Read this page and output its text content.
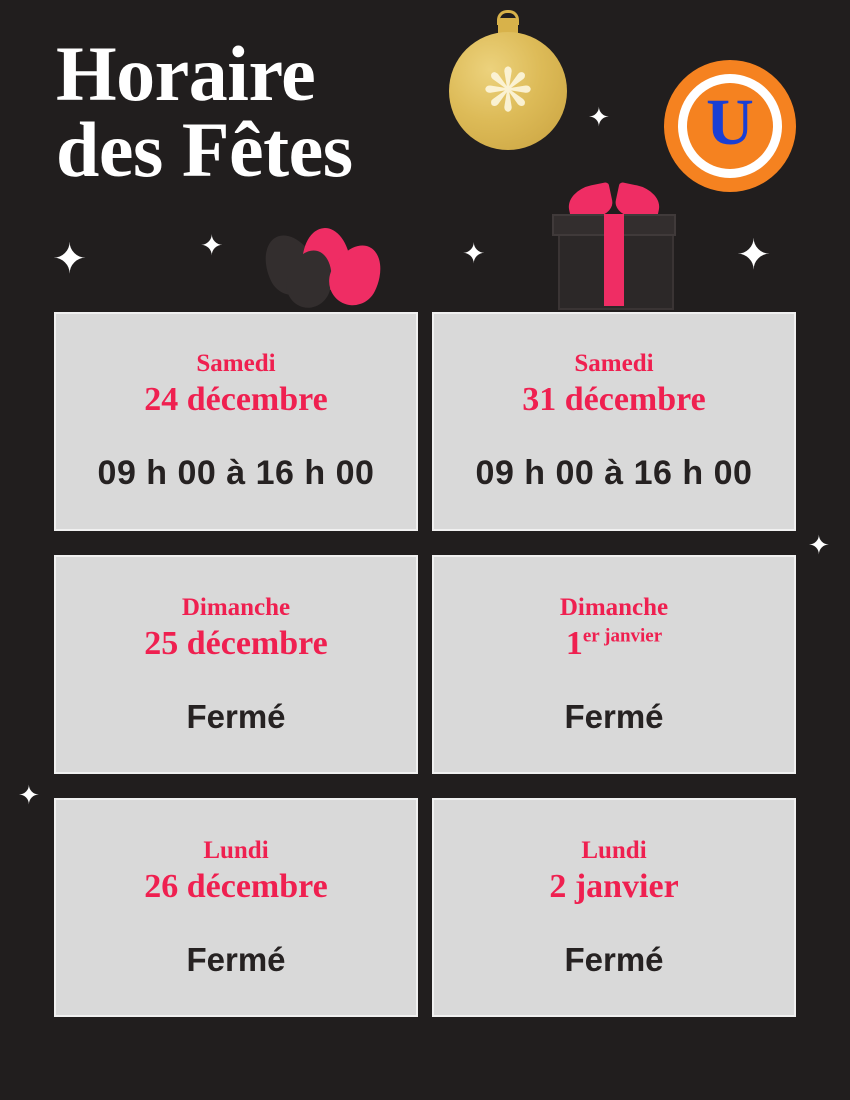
Horaire
des Fêtes	U
❋
✦	✦	✦
✦
✦
✦
✦
Samedi
24 décembre
09 h 00 à 16 h 00
Samedi
31 décembre
09 h 00 à 16 h 00
Dimanche
25 décembre
Fermé
Dimanche
$1^{er janvier}$
Fermé
Lundi
26 décembre
Fermé
Lundi
2 janvier
Fermé
